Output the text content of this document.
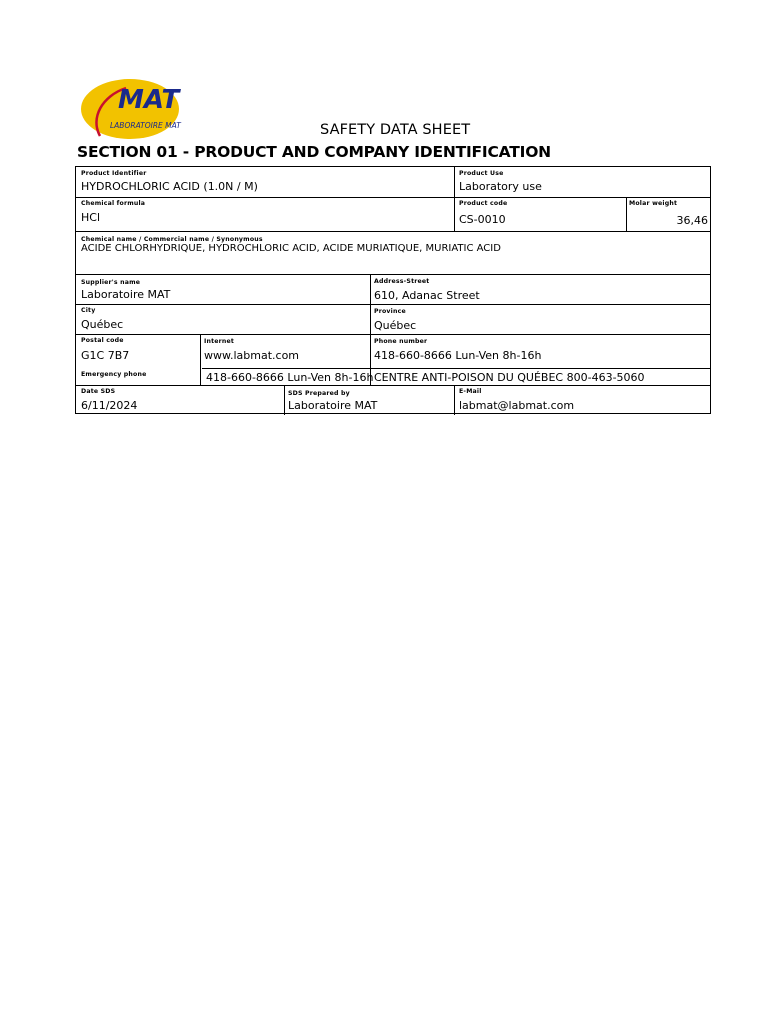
MAT
LABORATOIRE MAT	SAFETY DATA SHEET
SECTION 01 - PRODUCT AND COMPANY IDENTIFICATION
Product Identifier
HYDROCHLORIC ACID (1.0N / M)
Product Use
Laboratory use
Chemical formula
HCl
Product code
CS-0010
Molar weight
36,46
Chemical name / Commercial name / Synonymous
ACIDE CHLORHYDRIQUE, HYDROCHLORIC ACID, ACIDE MURIATIQUE, MURIATIC ACID
Supplier's name
Laboratoire MAT
Address-Street
610, Adanac Street
City
Québec
Province
Québec
Postal code
G1C 7B7
Internet
www.labmat.com
Phone number
418-660-8666 Lun-Ven 8h-16h
Emergency phone	418-660-8666 Lun-Ven 8h-16h CENTRE ANTI-POISON DU QUÉBEC 800-463-5060
Date SDS
6/11/2024
SDS Prepared by
Laboratoire MAT
E-Mail
labmat@labmat.com
